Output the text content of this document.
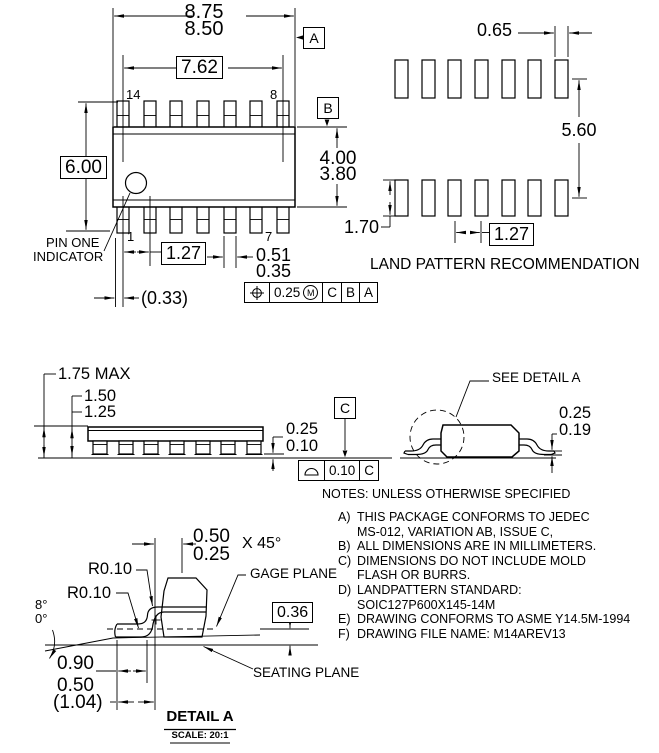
8.75
8.50
7.62
6.00	4.00
3.80
14	8
1	7
1.27	0.51
0.35
(0.33)
PIN ONE
INDICATOR
A
B
0.25 M C B A
0.65
5.60
1.70	1.27
LAND PATTERN RECOMMENDATION
1.75 MAX
1.50
1.25
0.25
0.10
C
0.10 C
NOTES: UNLESS OTHERWISE SPECIFIED
SEE DETAIL A
0.25
0.19
0.50
0.25
X 45°
R0.10
R0.10
GAGE PLANE
0.36
8°
0°
0.90
0.50
(1.04)
SEATING PLANE
DETAIL A
SCALE: 20:1
A) THIS PACKAGE CONFORMS TO JEDEC
MS-012, VARIATION AB, ISSUE C,
B) ALL DIMENSIONS ARE IN MILLIMETERS.
C) DIMENSIONS DO NOT INCLUDE MOLD
FLASH OR BURRS.
D) LANDPATTERN STANDARD:
SOIC127P600X145-14M
E) DRAWING CONFORMS TO ASME Y14.5M-1994
F) DRAWING FILE NAME: M14AREV13
